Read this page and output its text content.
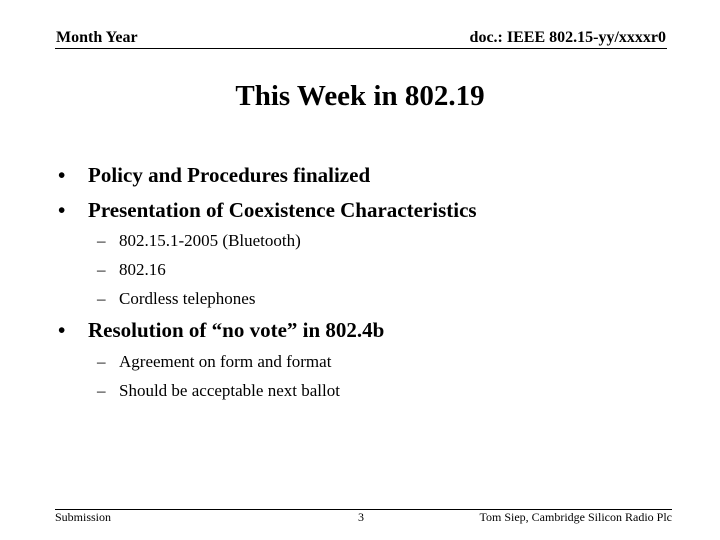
Month Year	doc.: IEEE 802.15-yy/xxxxr0
This Week in 802.19
• Policy and Procedures finalized
• Presentation of Coexistence Characteristics
– 802.15.1-2005 (Bluetooth)
– 802.16
– Cordless telephones
• Resolution of “no vote” in 802.4b
– Agreement on form and format
– Should be acceptable next ballot
Submission	3	Tom Siep, Cambridge Silicon Radio Plc
